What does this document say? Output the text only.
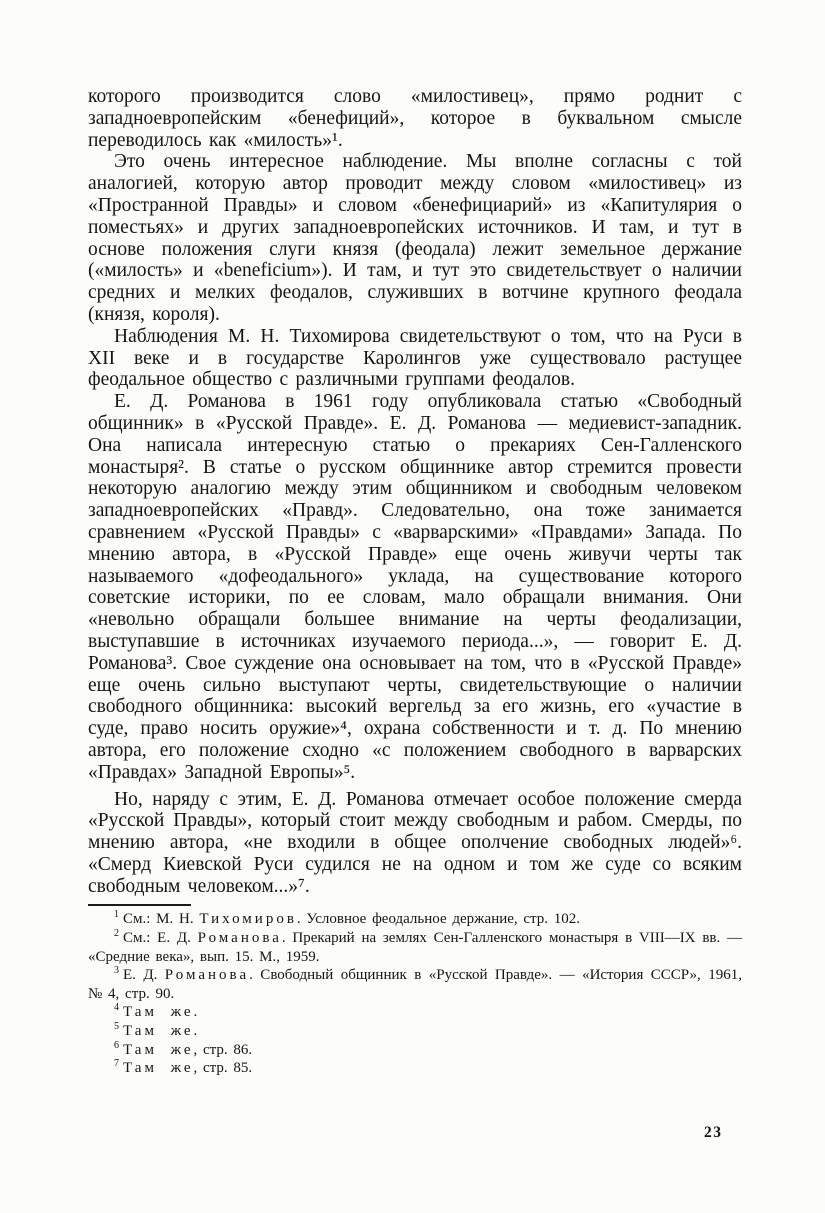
которого производится слово «милостивец», прямо роднит с западноевропейским «бенефиций», которое в буквальном смысле переводилось как «милость»¹.

Это очень интересное наблюдение. Мы вполне согласны с той аналогией, которую автор проводит между словом «милостивец» из «Пространной Правды» и словом «бенефициарий» из «Капитулярия о поместьях» и других западноевропейских источников. И там, и тут в основе положения слуги князя (феодала) лежит земельное держание («милость» и «beneficium»). И там, и тут это свидетельствует о наличии средних и мелких феодалов, служивших в вотчине крупного феодала (князя, короля).

Наблюдения М. Н. Тихомирова свидетельствуют о том, что на Руси в XII веке и в государстве Каролингов уже существовало растущее феодальное общество с различными группами феодалов.

Е. Д. Романова в 1961 году опубликовала статью «Свободный общинник» в «Русской Правде». Е. Д. Романова — медиевист-западник. Она написала интересную статью о прекариях Сен-Галленского монастыря². В статье о русском общиннике автор стремится провести некоторую аналогию между этим общинником и свободным человеком западноевропейских «Правд». Следовательно, она тоже занимается сравнением «Русской Правды» с «варварскими» «Правдами» Запада. По мнению автора, в «Русской Правде» еще очень живучи черты так называемого «дофеодального» уклада, на существование которого советские историки, по ее словам, мало обращали внимания. Они «невольно обращали большее внимание на черты феодализации, выступавшие в источниках изучаемого периода...», — говорит Е. Д. Романова³. Свое суждение она основывает на том, что в «Русской Правде» еще очень сильно выступают черты, свидетельствующие о наличии свободного общинника: высокий вергельд за его жизнь, его «участие в суде, право носить оружие»⁴, охрана собственности и т. д. По мнению автора, его положение сходно «с положением свободного в варварских «Правдах» Западной Европы»⁵.

Но, наряду с этим, Е. Д. Романова отмечает особое положение смерда «Русской Правды», который стоит между свободным и рабом. Смерды, по мнению автора, «не входили в общее ополчение свободных людей»⁶. «Смерд Киевской Руси судился не на одном и том же суде со всяким свободным человеком...»⁷.

$^1$ См.: М. Н. Тихомиров. Условное феодальное держание, стр. 102.

$^2$ См.: Е. Д. Романова. Прекарий на землях Сен-Галленского монастыря в VIII—IX вв. — «Средние века», вып. 15. М., 1959.

$^3$ Е. Д. Романова. Свободный общинник в «Русской Правде». — «История СССР», 1961, № 4, стр. 90.

$^4$ Там же.

$^5$ Там же.

$^6$ Там же, стр. 86.

$^7$ Там же, стр. 85.

23
